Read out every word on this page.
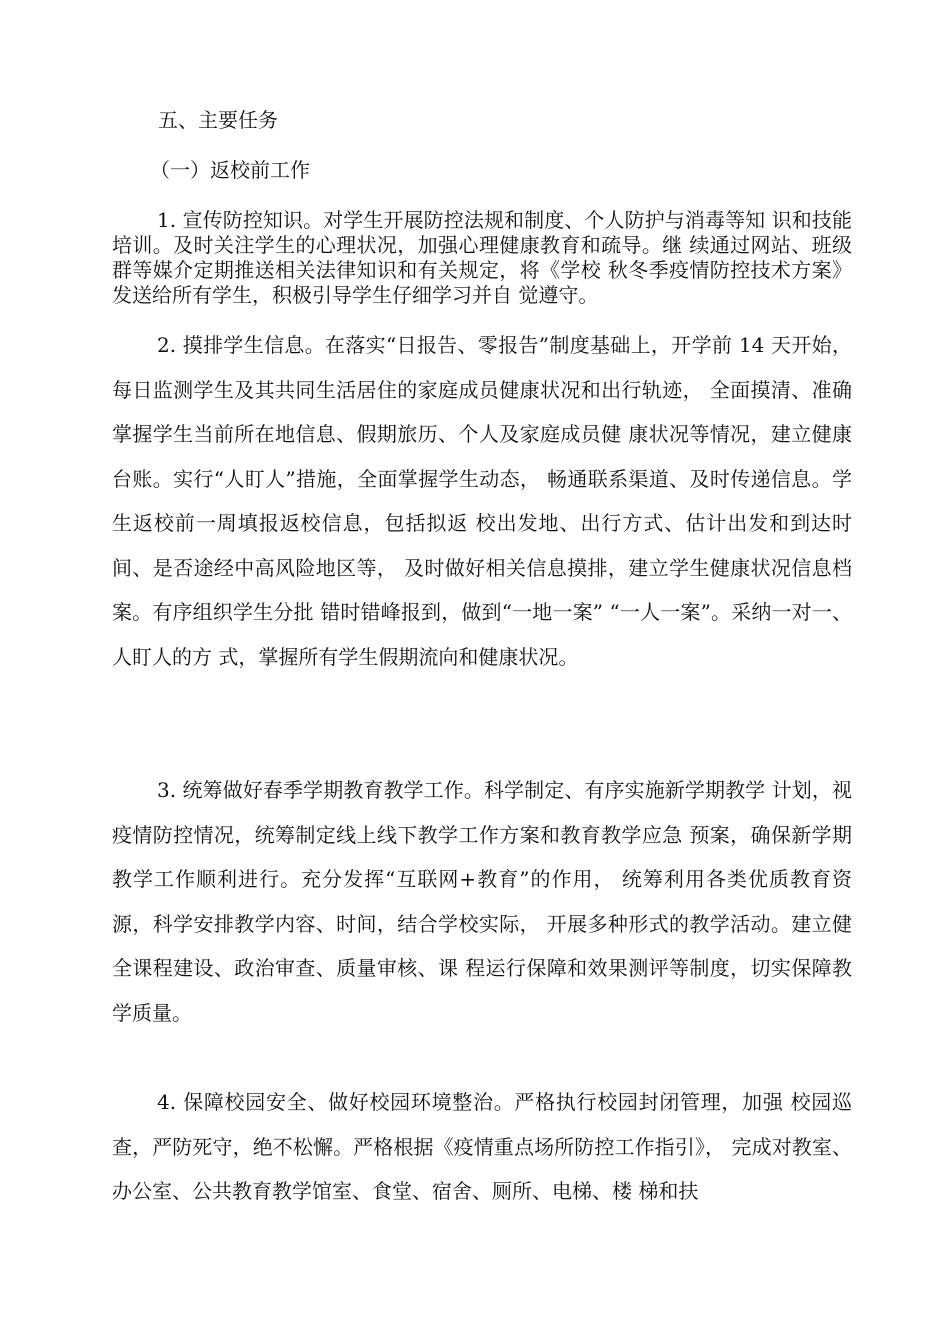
五、主要任务
（一）返校前工作

1. 宣传防控知识。对学生开展防控法规和制度、个人防护与消毒等知 识和技能培训。及时关注学生的心理状况，加强心理健康教育和疏导。继 续通过网站、班级群等媒介定期推送相关法律知识和有关规定，将《学校 秋冬季疫情防控技术方案》发送给所有学生，积极引导学生仔细学习并自 觉遵守。

2. 摸排学生信息。在落实“日报告、零报告”制度基础上，开学前 14 天开始，每日监测学生及其共同生活居住的家庭成员健康状况和出行轨迹， 全面摸清、准确掌握学生当前所在地信息、假期旅历、个人及家庭成员健 康状况等情况，建立健康台账。实行“人盯人”措施，全面掌握学生动态， 畅通联系渠道、及时传递信息。学生返校前一周填报返校信息，包括拟返 校出发地、出行方式、估计出发和到达时间、是否途经中高风险地区等， 及时做好相关信息摸排，建立学生健康状况信息档案。有序组织学生分批 错时错峰报到，做到“一地一案” “一人一案”。采纳一对一、人盯人的方 式，掌握所有学生假期流向和健康状况。

3. 统筹做好春季学期教育教学工作。科学制定、有序实施新学期教学 计划，视疫情防控情况，统筹制定线上线下教学工作方案和教育教学应急 预案，确保新学期教学工作顺利进行。充分发挥“互联网+教育”的作用， 统筹利用各类优质教育资源，科学安排教学内容、时间，结合学校实际， 开展多种形式的教学活动。建立健全课程建设、政治审查、质量审核、课 程运行保障和效果测评等制度，切实保障教学质量。

4. 保障校园安全、做好校园环境整治。严格执行校园封闭管理，加强 校园巡查，严防死守，绝不松懈。严格根据《疫情重点场所防控工作指引》， 完成对教室、办公室、公共教育教学馆室、食堂、宿舍、厕所、电梯、楼 梯和扶
